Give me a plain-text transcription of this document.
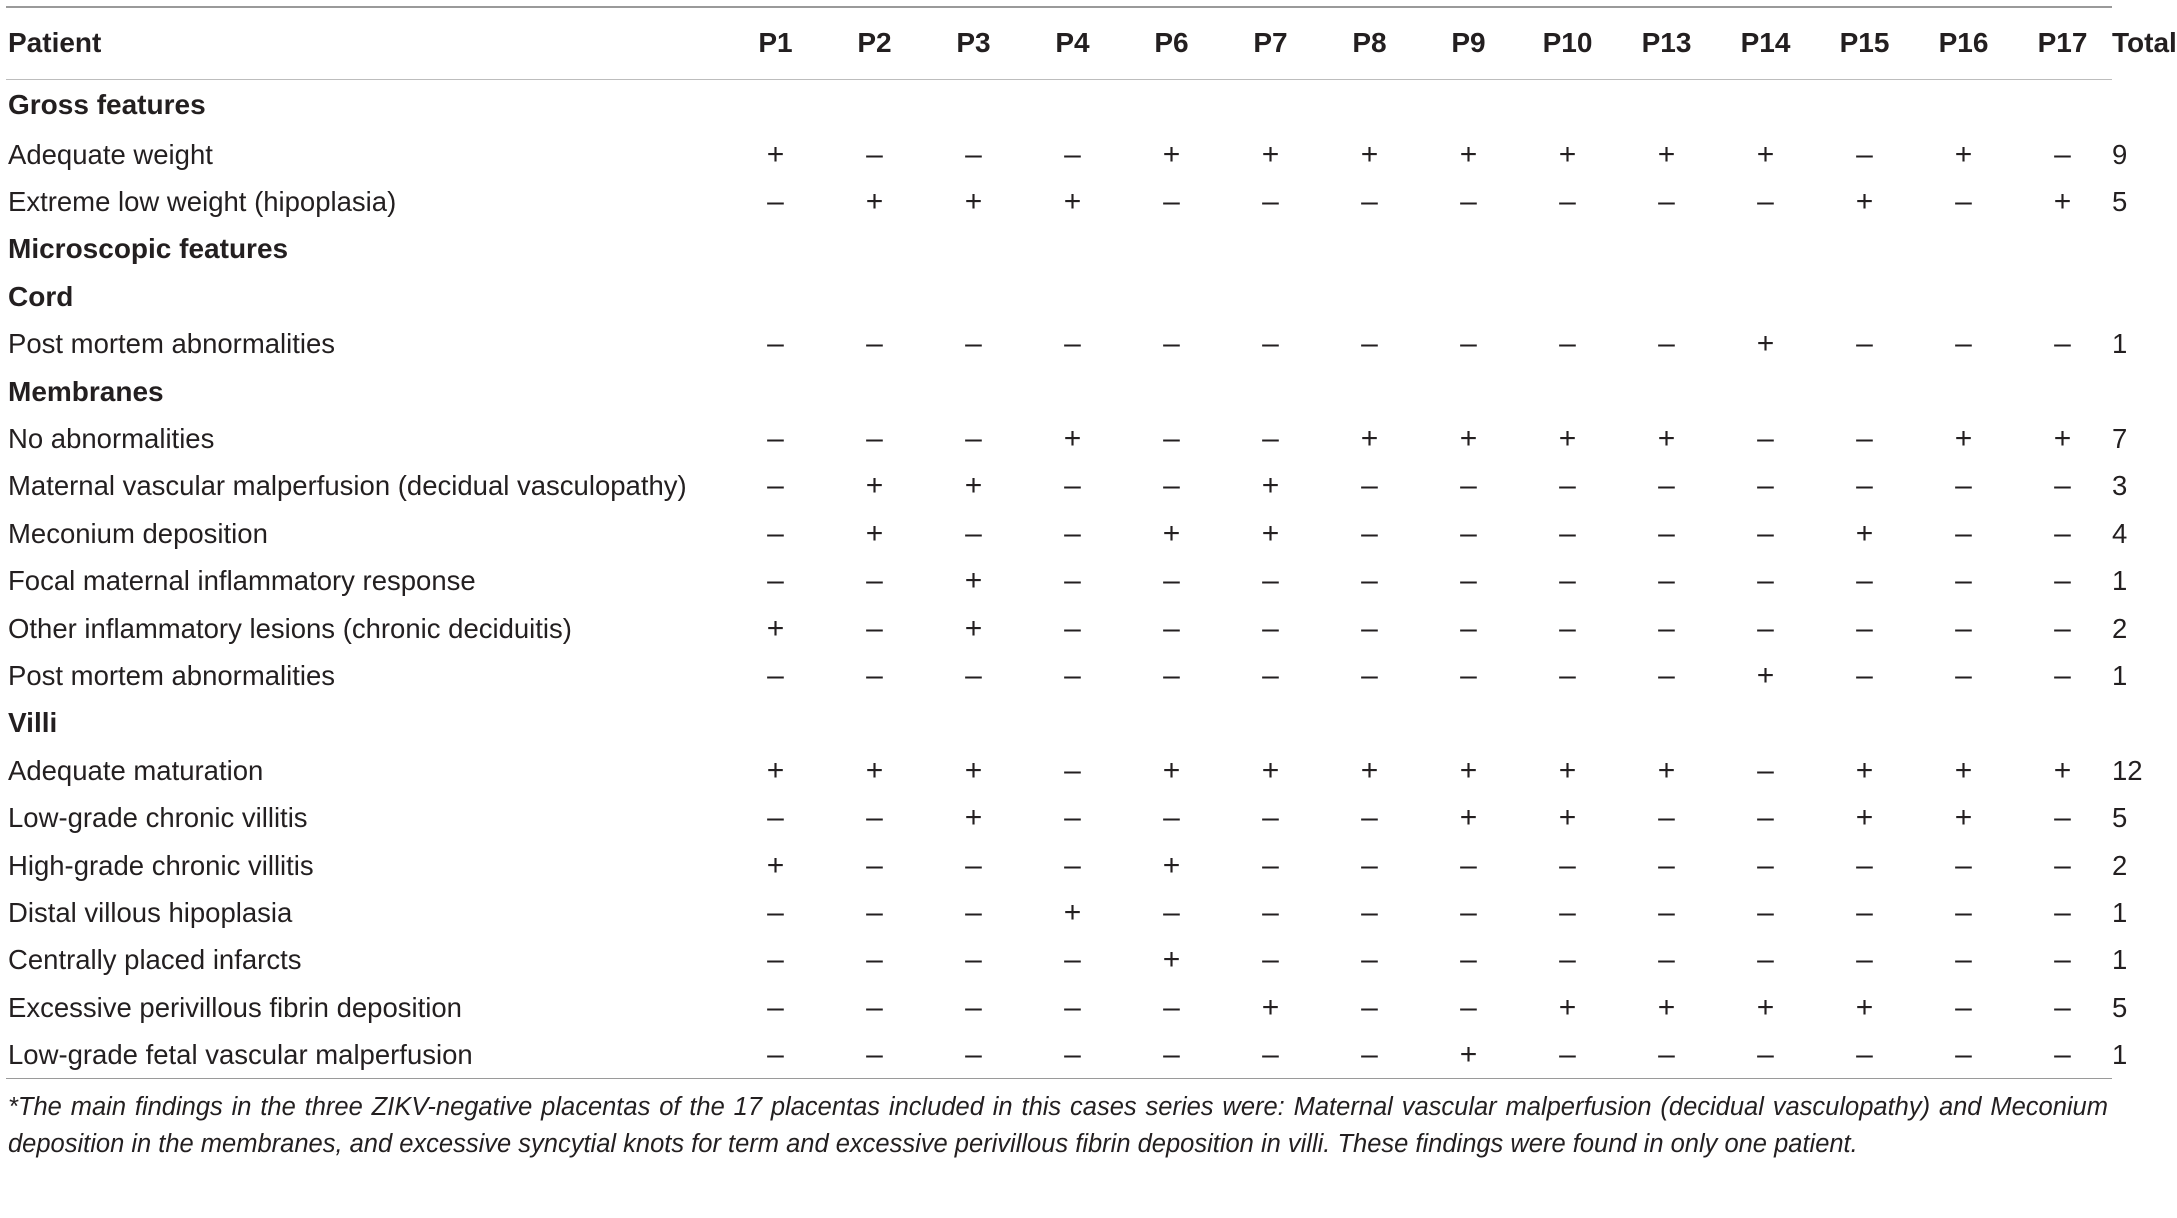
Patient	P1	P2	P3	P4	P6	P7	P8	P9	P10	P13	P14	P15	P16	P17	Total
Gross features															
Adequate weight	+	–	–	–	+	+	+	+	+	+	+	–	+	–	9
Extreme low weight (hipoplasia)	–	+	+	+	–	–	–	–	–	–	–	+	–	+	5
Microscopic features															
Cord															
Post mortem abnormalities	–	–	–	–	–	–	–	–	–	–	+	–	–	–	1
Membranes															
No abnormalities	–	–	–	+	–	–	+	+	+	+	–	–	+	+	7
Maternal vascular malperfusion (decidual vasculopathy)	–	+	+	–	–	+	–	–	–	–	–	–	–	–	3
Meconium deposition	–	+	–	–	+	+	–	–	–	–	–	+	–	–	4
Focal maternal inflammatory response	–	–	+	–	–	–	–	–	–	–	–	–	–	–	1
Other inflammatory lesions (chronic deciduitis)	+	–	+	–	–	–	–	–	–	–	–	–	–	–	2
Post mortem abnormalities	–	–	–	–	–	–	–	–	–	–	+	–	–	–	1
Villi															
Adequate maturation	+	+	+	–	+	+	+	+	+	+	–	+	+	+	12
Low-grade chronic villitis	–	–	+	–	–	–	–	+	+	–	–	+	+	–	5
High-grade chronic villitis	+	–	–	–	+	–	–	–	–	–	–	–	–	–	2
Distal villous hipoplasia	–	–	–	+	–	–	–	–	–	–	–	–	–	–	1
Centrally placed infarcts	–	–	–	–	+	–	–	–	–	–	–	–	–	–	1
Excessive perivillous fibrin deposition	–	–	–	–	–	+	–	–	+	+	+	+	–	–	5
Low-grade fetal vascular malperfusion	–	–	–	–	–	–	–	+	–	–	–	–	–	–	1
*The main findings in the three ZIKV-negative placentas of the 17 placentas included in this cases series were: Maternal vascular malperfusion (decidual vasculopathy) and Meconium deposition in the membranes, and excessive syncytial knots for term and excessive perivillous fibrin deposition in villi. These findings were found in only one patient.
